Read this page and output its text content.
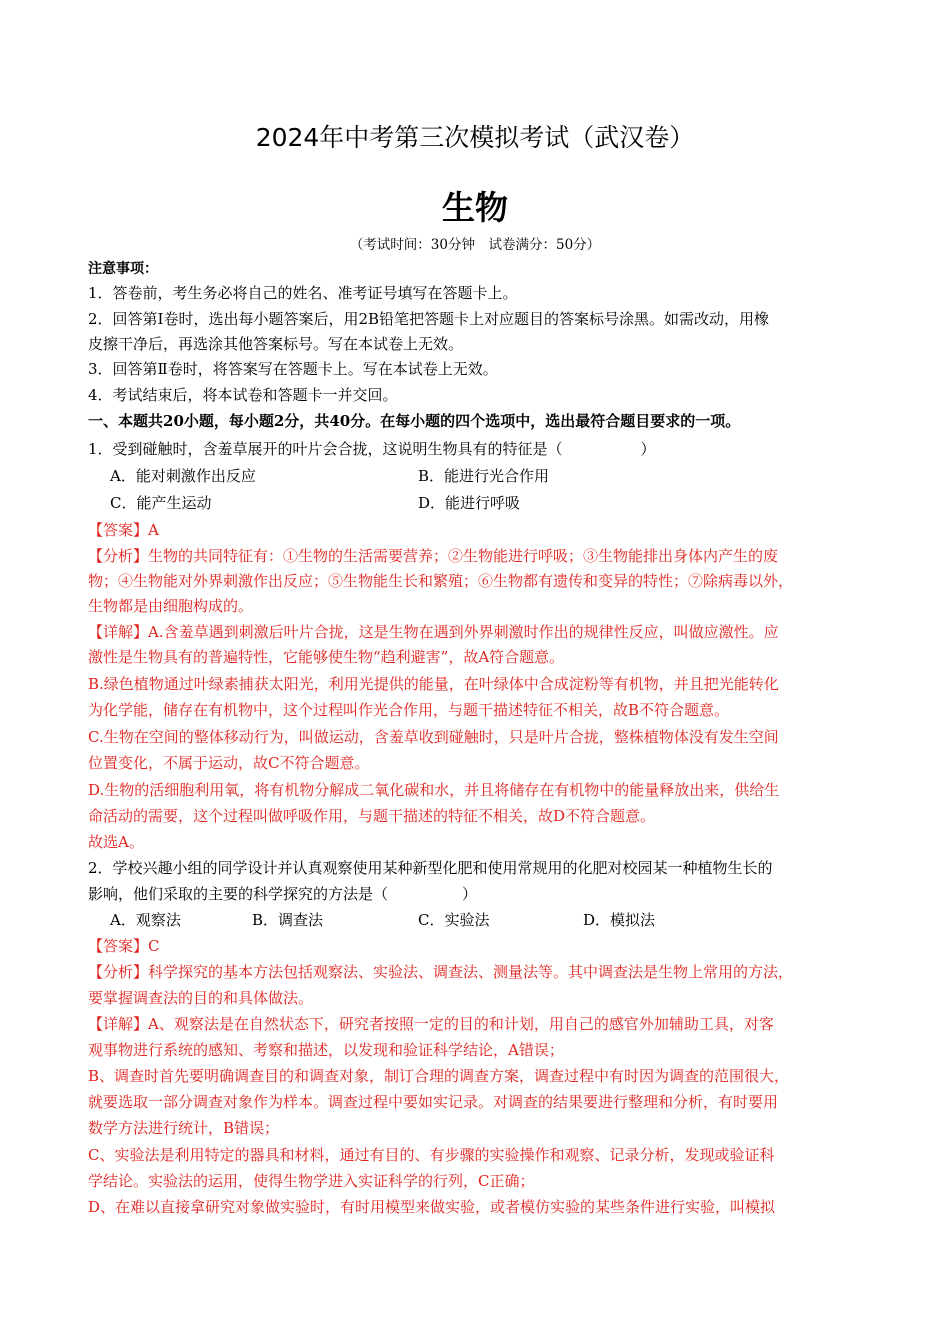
2024年中考第三次模拟考试（武汉卷）
生物
（考试时间：30分钟　试卷满分：50分）
注意事项：
1．答卷前，考生务必将自己的姓名、准考证号填写在答题卡上。
2．回答第Ⅰ卷时，选出每小题答案后，用2B铅笔把答题卡上对应题目的答案标号涂黑。如需改动，用橡
皮擦干净后，再选涂其他答案标号。写在本试卷上无效。
3．回答第Ⅱ卷时，将答案写在答题卡上。写在本试卷上无效。
4．考试结束后，将本试卷和答题卡一并交回。
一、本题共20小题，每小题2分，共40分。在每小题的四个选项中，选出最符合题目要求的一项。
1．受到碰触时，含羞草展开的叶片会合拢，这说明生物具有的特征是（	）
A．能对刺激作出反应	B．能进行光合作用
C．能产生运动	D．能进行呼吸
【答案】A
【分析】生物的共同特征有：①生物的生活需要营养；②生物能进行呼吸；③生物能排出身体内产生的废
物；④生物能对外界刺激作出反应；⑤生物能生长和繁殖；⑥生物都有遗传和变异的特性；⑦除病毒以外，
生物都是由细胞构成的。
【详解】A.含羞草遇到刺激后叶片合拢，这是生物在遇到外界刺激时作出的规律性反应，叫做应激性。应
激性是生物具有的普遍特性，它能够使生物“趋利避害”，故A符合题意。
B.绿色植物通过叶绿素捕获太阳光，利用光提供的能量，在叶绿体中合成淀粉等有机物，并且把光能转化
为化学能，储存在有机物中，这个过程叫作光合作用，与题干描述特征不相关，故B不符合题意。
C.生物在空间的整体移动行为，叫做运动，含羞草收到碰触时，只是叶片合拢，整株植物体没有发生空间
位置变化，不属于运动，故C不符合题意。
D.生物的活细胞利用氧，将有机物分解成二氧化碳和水，并且将储存在有机物中的能量释放出来，供给生
命活动的需要，这个过程叫做呼吸作用，与题干描述的特征不相关，故D不符合题意。
故选A。
2．学校兴趣小组的同学设计并认真观察使用某种新型化肥和使用常规用的化肥对校园某一种植物生长的
影响，他们采取的主要的科学探究的方法是（	）
A．观察法	B．调查法	C．实验法	D．模拟法
【答案】C
【分析】科学探究的基本方法包括观察法、实验法、调查法、测量法等。其中调查法是生物上常用的方法，
要掌握调查法的目的和具体做法。
【详解】A、观察法是在自然状态下，研究者按照一定的目的和计划，用自己的感官外加辅助工具，对客
观事物进行系统的感知、考察和描述，以发现和验证科学结论，A错误；
B、调查时首先要明确调查目的和调查对象，制订合理的调查方案，调查过程中有时因为调查的范围很大，
就要选取一部分调查对象作为样本。调查过程中要如实记录。对调查的结果要进行整理和分析，有时要用
数学方法进行统计，B错误；
C、实验法是利用特定的器具和材料，通过有目的、有步骤的实验操作和观察、记录分析，发现或验证科
学结论。实验法的运用，使得生物学进入实证科学的行列，C正确；
D、在难以直接拿研究对象做实验时，有时用模型来做实验，或者模仿实验的某些条件进行实验，叫模拟
